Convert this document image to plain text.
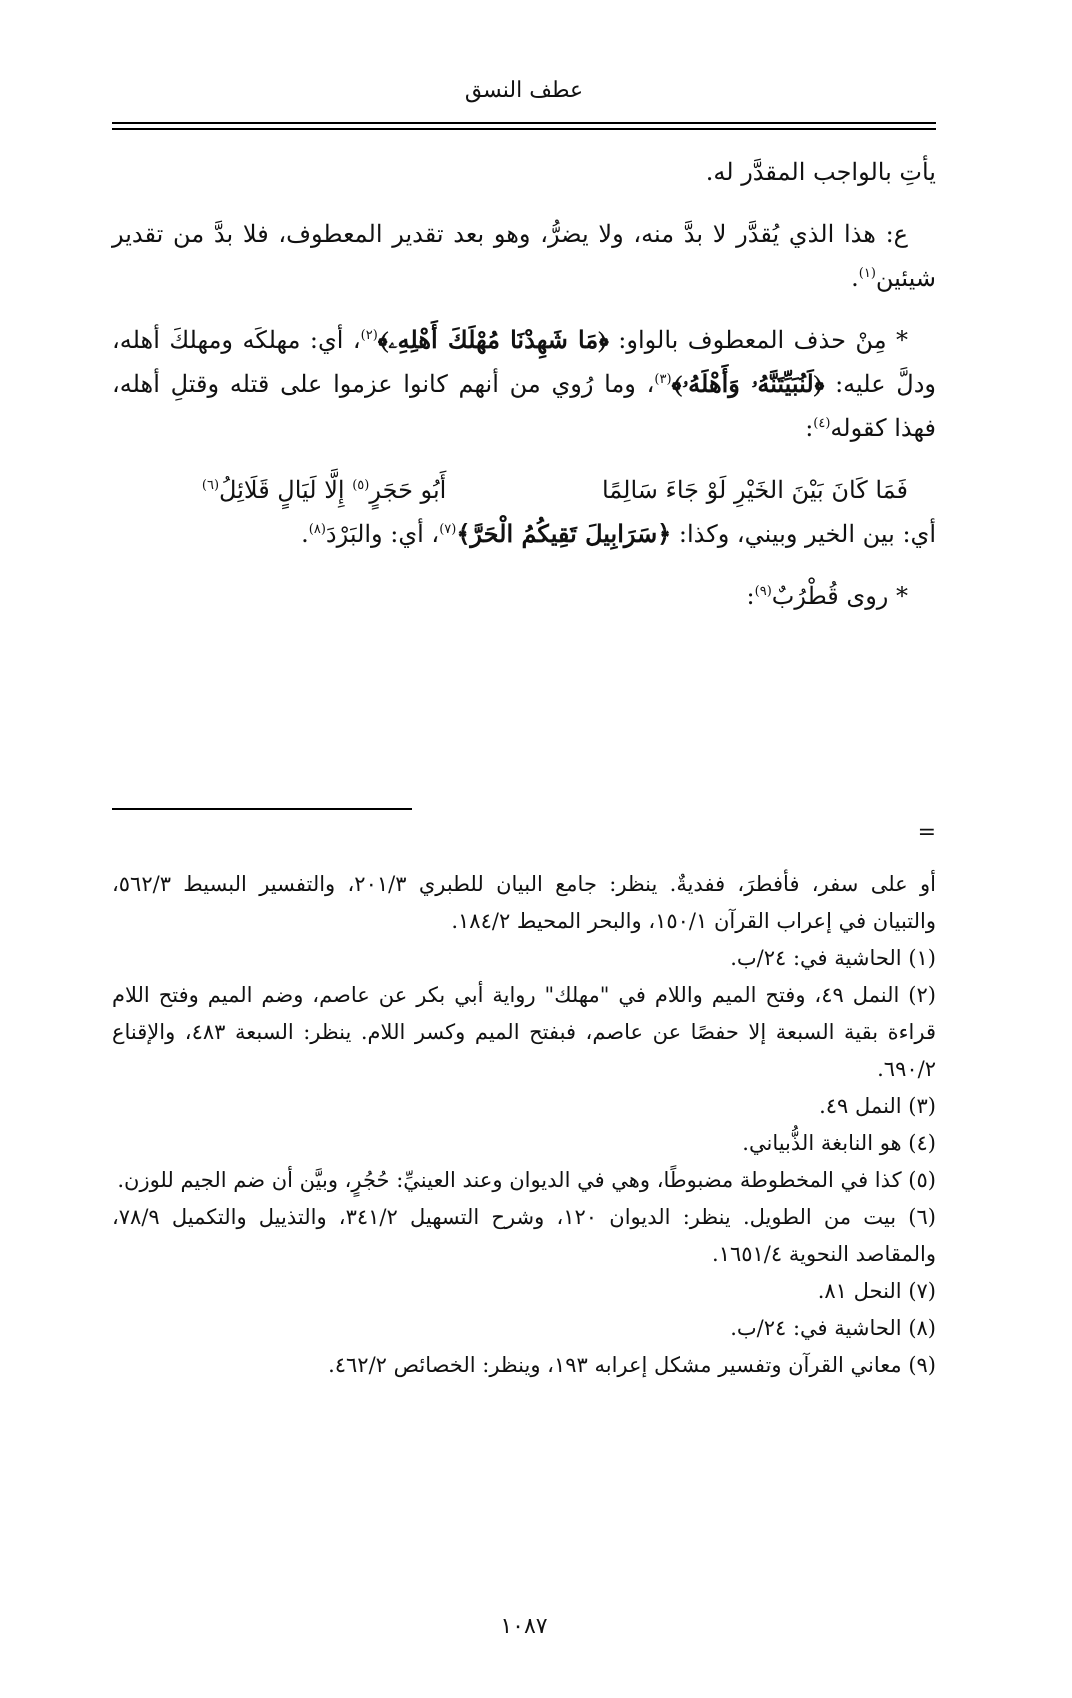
عطف النسق

يأتِ بالواجب المقدَّر له.

ع: هذا الذي يُقدَّر لا بدَّ منه، ولا يضرُّ، وهو بعد تقدير المعطوف، فلا بدَّ من تقدير شيئين$^{(١)}$.

* مِنْ حذف المعطوف بالواو: ﴿مَا شَهِدْنَا مُهْلَكَ أَهْلِهِۦ﴾$^{(٢)}$، أي: مهلكَه ومهلكَ أهله، ودلَّ عليه: ﴿لَنُبَيِّتَنَّهُۥ وَأَهْلَهُۥ﴾$^{(٣)}$، وما رُوي من أنهم كانوا عزموا على قتله وقتلِ أهله، فهذا كقوله$^{(٤)}$:

فَمَا كَانَ بَيْنَ الخَيْرِ لَوْ جَاءَ سَالِمًا
أَبُو حَجَرٍ$^{(٥)}$ إِلَّا لَيَالٍ قَلَائِلُ$^{(٦)}$

أي: بين الخير وبيني، وكذا: ﴿سَرَابِيلَ تَقِيكُمُ الْحَرَّ﴾$^{(٧)}$، أي: والبَرْدَ$^{(٨)}$.

* روى قُطْرُبٌ$^{(٩)}$:

=

أو على سفر، فأفطرَ، ففديةٌ. ينظر: جامع البيان للطبري ٢٠١/٣، والتفسير البسيط ٥٦٢/٣، والتبيان في إعراب القرآن ١٥٠/١، والبحر المحيط ١٨٤/٢.

(١) الحاشية في: ٢٤/ب.

(٢) النمل ٤٩، وفتح الميم واللام في "مهلك" رواية أبي بكر عن عاصم، وضم الميم وفتح اللام قراءة بقية السبعة إلا حفصًا عن عاصم، فبفتح الميم وكسر اللام. ينظر: السبعة ٤٨٣، والإقناع ٦٩٠/٢.

(٣) النمل ٤٩.

(٤) هو النابغة الذُّبياني.

(٥) كذا في المخطوطة مضبوطًا، وهي في الديوان وعند العينيِّ: حُجُرٍ، وبيَّن أن ضم الجيم للوزن.

(٦) بيت من الطويل. ينظر: الديوان ١٢٠، وشرح التسهيل ٣٤١/٢، والتذييل والتكميل ٧٨/٩، والمقاصد النحوية ١٦٥١/٤.

(٧) النحل ٨١.

(٨) الحاشية في: ٢٤/ب.

(٩) معاني القرآن وتفسير مشكل إعرابه ١٩٣، وينظر: الخصائص ٤٦٢/٢.

١٠٨٧
